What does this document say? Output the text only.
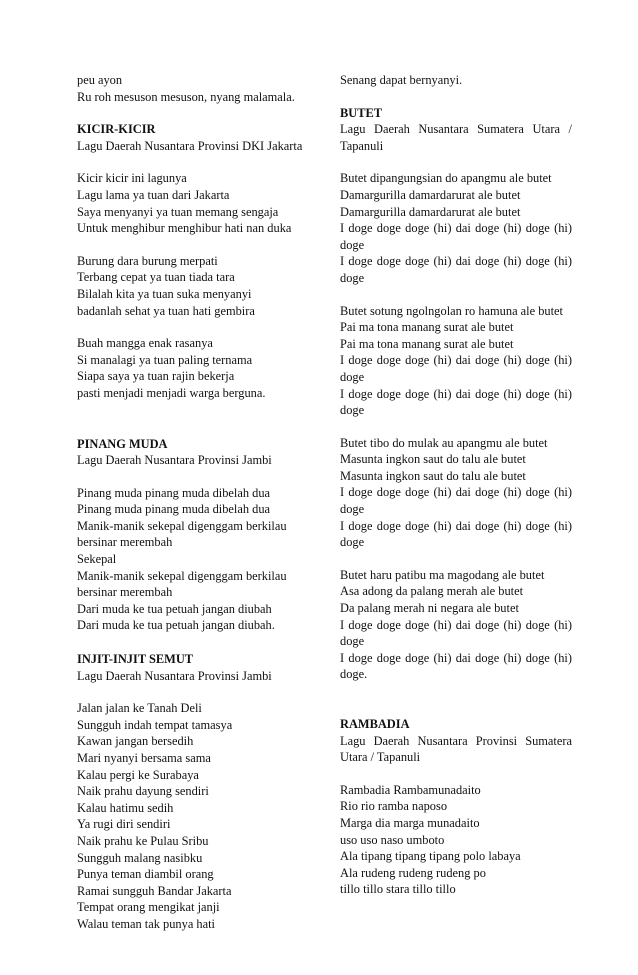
peu ayon
Ru roh mesuson mesuson, nyang malamala.
KICIR-KICIR
Lagu Daerah Nusantara Provinsi DKI Jakarta
Kicir kicir ini lagunya
Lagu lama ya tuan dari Jakarta
Saya menyanyi ya tuan memang sengaja
Untuk menghibur menghibur hati nan duka
Burung dara burung merpati
Terbang cepat ya tuan tiada tara
Bilalah kita ya tuan suka menyanyi
badanlah sehat ya tuan hati gembira
Buah mangga enak rasanya
Si manalagi ya tuan paling ternama
Siapa saya ya tuan rajin bekerja
pasti menjadi menjadi warga berguna.
PINANG MUDA
Lagu Daerah Nusantara Provinsi Jambi
Pinang muda pinang muda dibelah dua
Pinang muda pinang muda dibelah dua
Manik-manik sekepal digenggam berkilau
bersinar merembah
Sekepal
Manik-manik sekepal digenggam berkilau
bersinar merembah
Dari muda ke tua petuah jangan diubah
Dari muda ke tua petuah jangan diubah.
INJIT-INJIT SEMUT
Lagu Daerah Nusantara Provinsi Jambi
Jalan jalan ke Tanah Deli
Sungguh indah tempat tamasya
Kawan jangan bersedih
Mari nyanyi bersama sama
Kalau pergi ke Surabaya
Naik prahu dayung sendiri
Kalau hatimu sedih
Ya rugi diri sendiri
Naik prahu ke Pulau Sribu
Sungguh malang nasibku
Punya teman diambil orang
Ramai sungguh Bandar Jakarta
Tempat orang mengikat janji
Walau teman tak punya hati
Senang dapat bernyanyi.
BUTET
Lagu Daerah Nusantara Sumatera Utara / Tapanuli
Butet dipangungsian do apangmu ale butet
Damargurilla damardarurat ale butet
Damargurilla damardarurat ale butet
I doge doge doge (hi) dai doge (hi) doge (hi) doge
I doge doge doge (hi) dai doge (hi) doge (hi) doge
Butet sotung ngolngolan ro hamuna ale butet
Pai ma tona manang surat ale butet
Pai ma tona manang surat ale butet
I doge doge doge (hi) dai doge (hi) doge (hi) doge
I doge doge doge (hi) dai doge (hi) doge (hi) doge
Butet tibo do mulak au apangmu ale butet
Masunta ingkon saut do talu ale butet
Masunta ingkon saut do talu ale butet
I doge doge doge (hi) dai doge (hi) doge (hi) doge
I doge doge doge (hi) dai doge (hi) doge (hi) doge
Butet haru patibu ma magodang ale butet
Asa adong da palang merah ale butet
Da palang merah ni negara ale butet
I doge doge doge (hi) dai doge (hi) doge (hi) doge
I doge doge doge (hi) dai doge (hi) doge (hi) doge.
RAMBADIA
Lagu Daerah Nusantara Provinsi Sumatera Utara / Tapanuli
Rambadia Rambamunadaito
Rio rio ramba naposo
Marga dia marga munadaito
uso uso naso umboto
Ala tipang tipang tipang polo labaya
Ala rudeng rudeng rudeng po
tillo tillo stara tillo tillo
